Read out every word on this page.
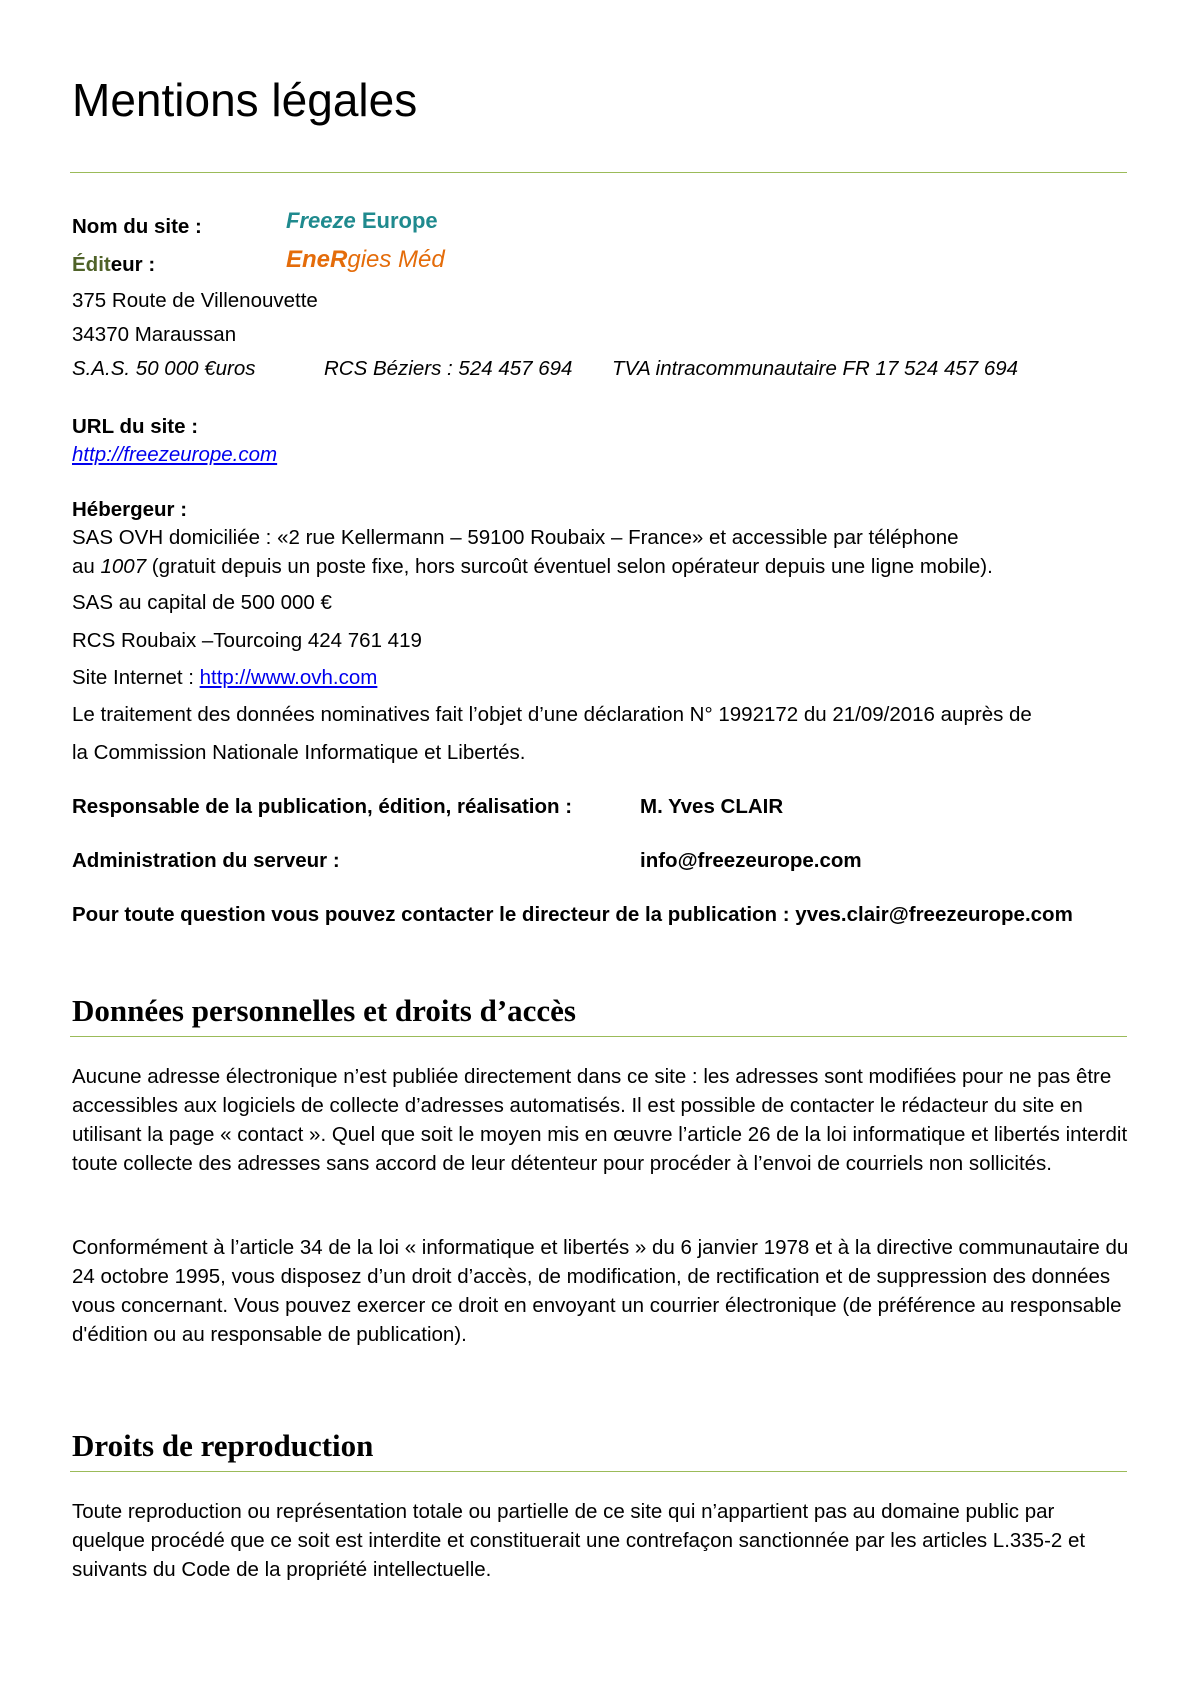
Mentions légales
Nom du site :	Freeze Europe
Éditeur :	EneRgies Méd
375 Route de Villenouvette
34370 Maraussan
S.A.S. 50 000 €uros	RCS Béziers : 524 457 694 TVA intracommunautaire FR 17 524 457 694
URL du site :
http://freezeurope.com
Hébergeur :
SAS OVH domiciliée : «2 rue Kellermann – 59100 Roubaix – France» et accessible par téléphone
au 1007 (gratuit depuis un poste fixe, hors surcoût éventuel selon opérateur depuis une ligne mobile).
SAS au capital de 500 000 €
RCS Roubaix –Tourcoing 424 761 419
Site Internet : http://www.ovh.com
Le traitement des données nominatives fait l’objet d’une déclaration N° 1992172 du 21/09/2016 auprès de
la Commission Nationale Informatique et Libertés.
Responsable de la publication, édition, réalisation :	M. Yves CLAIR
Administration du serveur :	info@freezeurope.com
Pour toute question vous pouvez contacter le directeur de la publication : yves.clair@freezeurope.com
Données personnelles et droits d’accès
Aucune adresse électronique n’est publiée directement dans ce site : les adresses sont modifiées pour ne pas être accessibles aux logiciels de collecte d’adresses automatisés. Il est possible de contacter le rédacteur du site en utilisant la page « contact ». Quel que soit le moyen mis en œuvre l’article 26 de la loi informatique et libertés interdit toute collecte des adresses sans accord de leur détenteur pour procéder à l’envoi de courriels non sollicités.
Conformément à l’article 34 de la loi « informatique et libertés » du 6 janvier 1978 et à la directive communautaire du 24 octobre 1995, vous disposez d’un droit d’accès, de modification, de rectification et de suppression des données vous concernant. Vous pouvez exercer ce droit en envoyant un courrier électronique (de préférence au responsable d'édition ou au responsable de publication).
Droits de reproduction
Toute reproduction ou représentation totale ou partielle de ce site qui n’appartient pas au domaine public par quelque procédé que ce soit est interdite et constituerait une contrefaçon sanctionnée par les articles L.335-2 et suivants du Code de la propriété intellectuelle.
